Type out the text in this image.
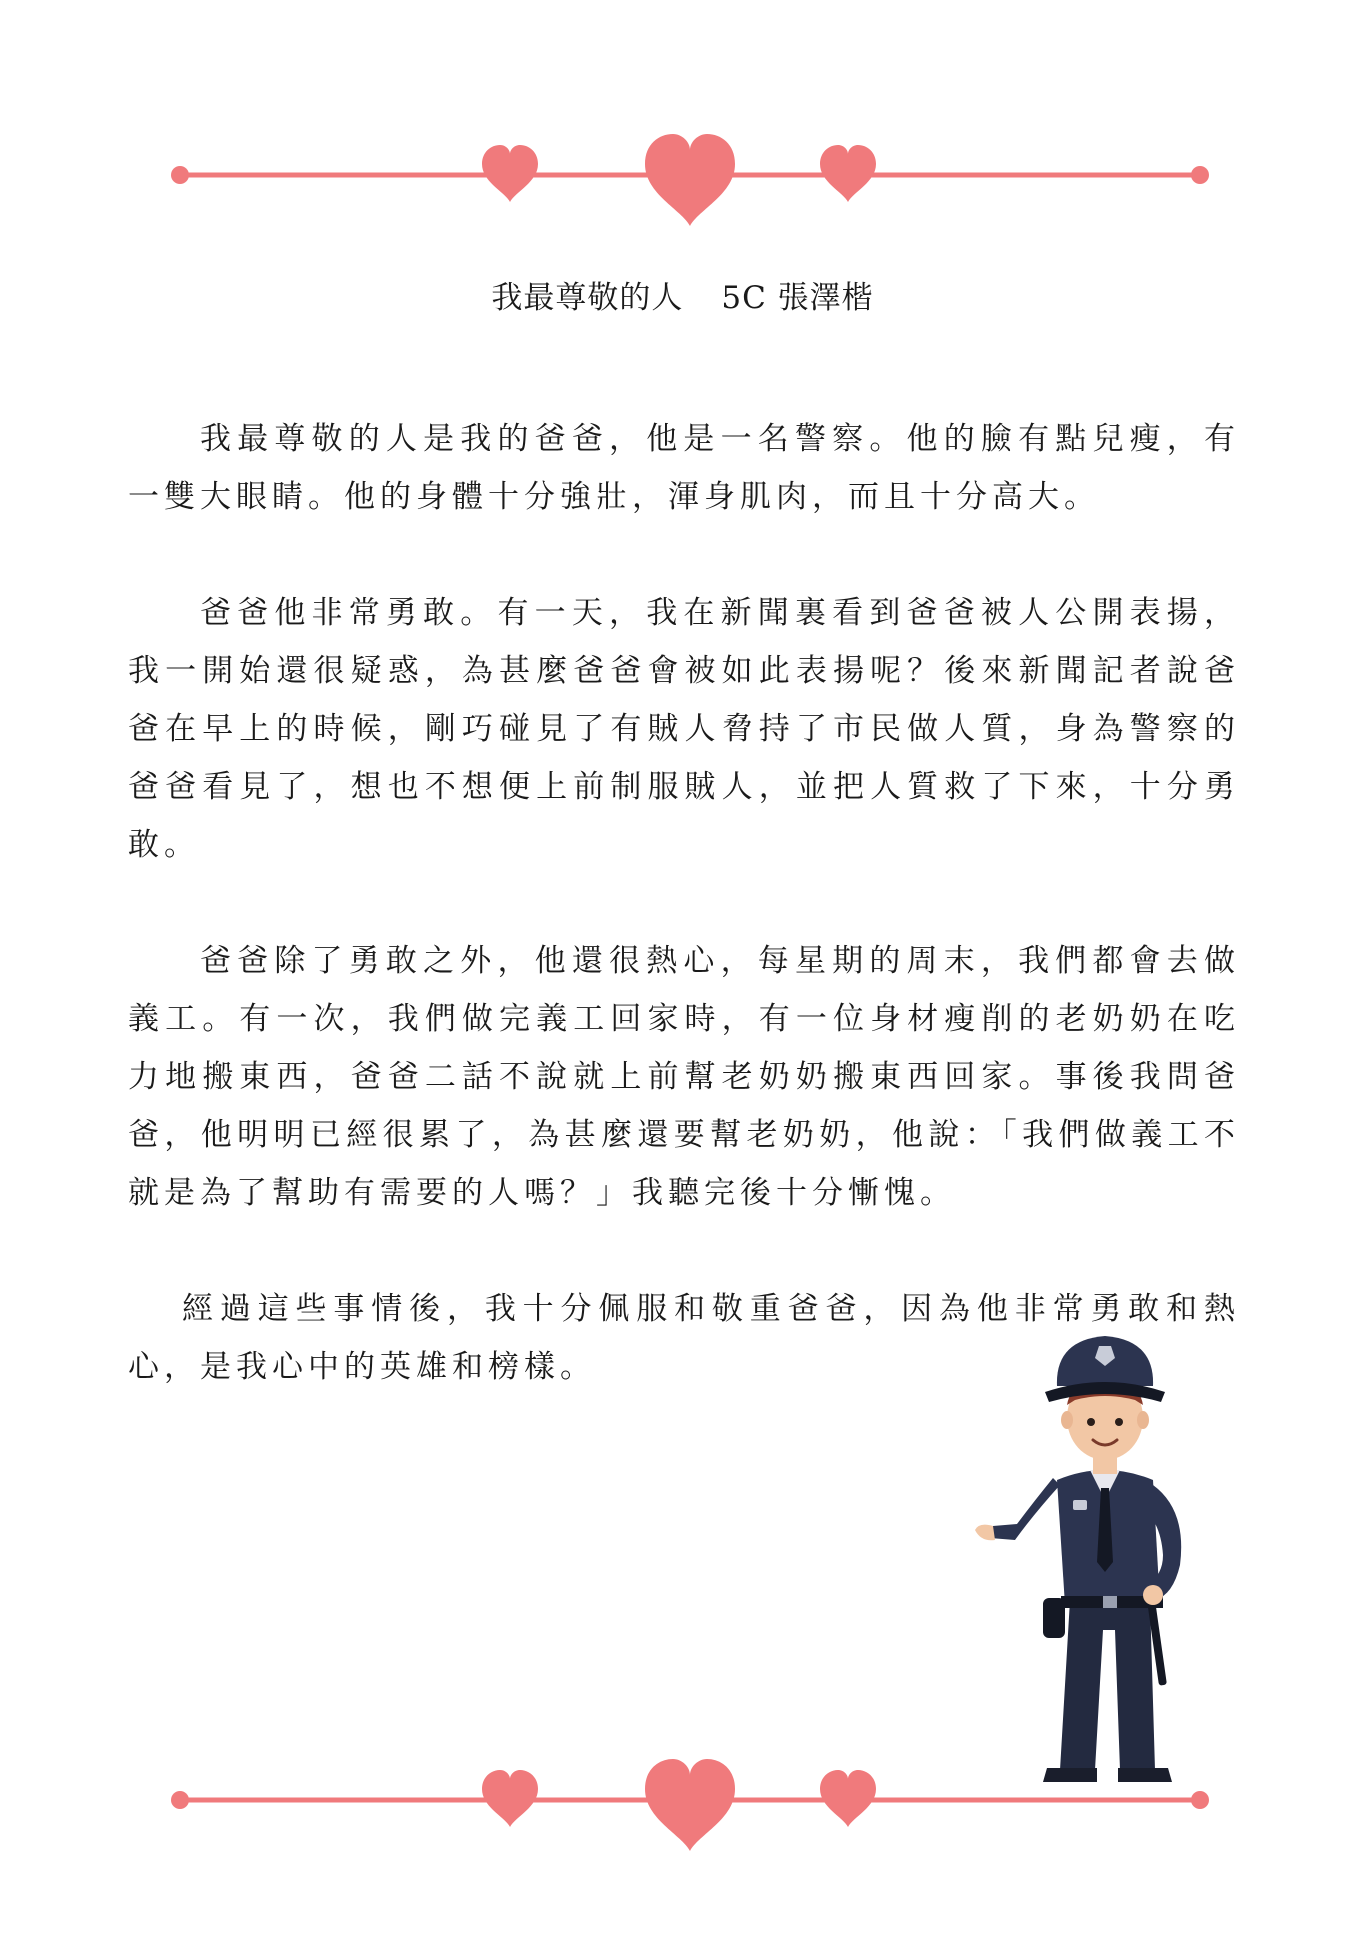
我最尊敬的人 5C 張澤楷

我最尊敬的人是我的爸爸，他是一名警察。他的臉有點兒瘦，有一雙大眼睛。他的身體十分強壯，渾身肌肉，而且十分高大。

爸爸他非常勇敢。有一天，我在新聞裏看到爸爸被人公開表揚，我一開始還很疑惑，為甚麼爸爸會被如此表揚呢？後來新聞記者說爸爸在早上的時候，剛巧碰見了有賊人脅持了市民做人質，身為警察的爸爸看見了，想也不想便上前制服賊人，並把人質救了下來，十分勇敢。

爸爸除了勇敢之外，他還很熱心，每星期的周末，我們都會去做義工。有一次，我們做完義工回家時，有一位身材瘦削的老奶奶在吃力地搬東西，爸爸二話不說就上前幫老奶奶搬東西回家。事後我問爸爸，他明明已經很累了，為甚麼還要幫老奶奶，他說：「我們做義工不就是為了幫助有需要的人嗎？」我聽完後十分慚愧。

經過這些事情後，我十分佩服和敬重爸爸，因為他非常勇敢和熱心，是我心中的英雄和榜樣。
